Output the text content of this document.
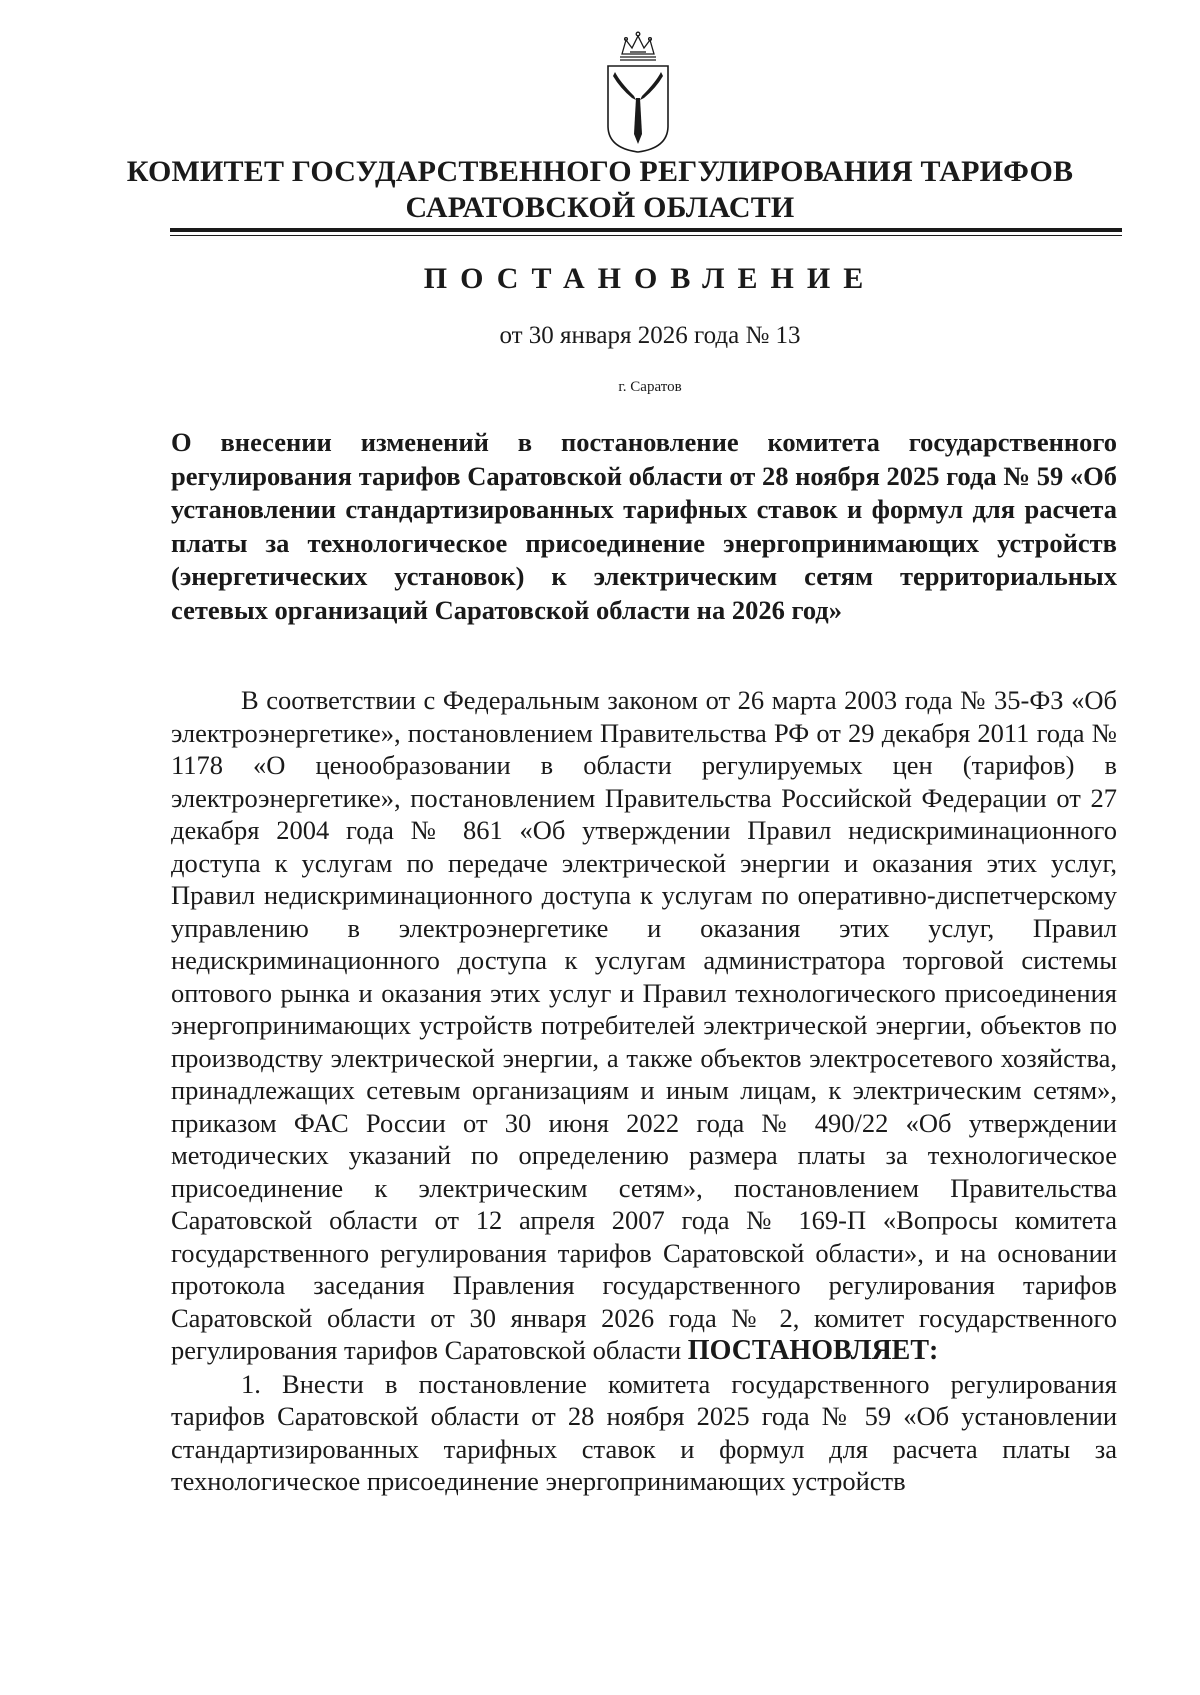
КОМИТЕТ ГОСУДАРСТВЕННОГО РЕГУЛИРОВАНИЯ ТАРИФОВ
САРАТОВСКОЙ ОБЛАСТИ
ПОСТАНОВЛЕНИЕ
от 30 января 2026 года № 13
г. Саратов
О внесении изменений в постановление комитета государственного регулирования тарифов Саратовской области от 28 ноября 2025 года № 59 «Об установлении стандартизированных тарифных ставок и формул для расчета платы за технологическое присоединение энергопринимающих устройств (энергетических установок) к электрическим сетям территориальных сетевых организаций Саратовской области на 2026 год»

В соответствии с Федеральным законом от 26 марта 2003 года № 35-ФЗ «Об электроэнергетике», постановлением Правительства РФ от 29 декабря 2011 года № 1178 «О ценообразовании в области регулируемых цен (тарифов) в электроэнергетике», постановлением Правительства Российской Федерации от 27 декабря 2004 года № 861 «Об утверждении Правил недискриминационного доступа к услугам по передаче электрической энергии и оказания этих услуг, Правил недискриминационного доступа к услугам по оперативно-диспетчерскому управлению в электроэнергетике и оказания этих услуг, Правил недискриминационного доступа к услугам администратора торговой системы оптового рынка и оказания этих услуг и Правил технологического присоединения энергопринимающих устройств потребителей электрической энергии, объектов по производству электрической энергии, а также объектов электросетевого хозяйства, принадлежащих сетевым организациям и иным лицам, к электрическим сетям», приказом ФАС России от 30 июня 2022 года № 490/22 «Об утверждении методических указаний по определению размера платы за технологическое присоединение к электрическим сетям», постановлением Правительства Саратовской области от 12 апреля 2007 года № 169-П «Вопросы комитета государственного регулирования тарифов Саратовской области», и на основании протокола заседания Правления государственного регулирования тарифов Саратовской области от 30 января 2026 года № 2, комитет государственного регулирования тарифов Саратовской области ПОСТАНОВЛЯЕТ:

1. Внести в постановление комитета государственного регулирования тарифов Саратовской области от 28 ноября 2025 года № 59 «Об установлении стандартизированных тарифных ставок и формул для расчета платы за технологическое присоединение энергопринимающих устройств
